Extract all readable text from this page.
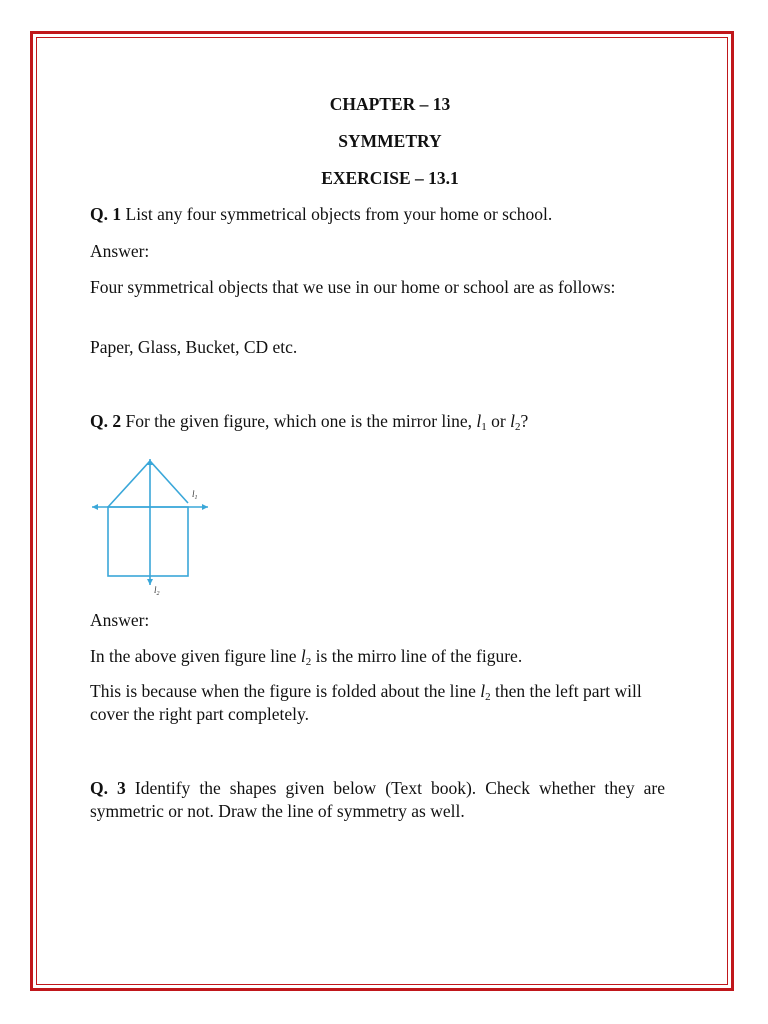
CHAPTER – 13

SYMMETRY

EXERCISE – 13.1

Q. 1 List any four symmetrical objects from your home or school.

Answer:

Four symmetrical objects that we use in our home or school are as follows:

Paper, Glass, Bucket, CD etc.

Q. 2 For the given figure, which one is the mirror line, $l_1$ or $l_2$?

$l_1$
$l_2$

Answer:

In the above given figure line $l_2$ is the mirro line of the figure.

This is because when the figure is folded about the line $l_2$ then the left part will cover the right part completely.

Q. 3 Identify the shapes given below (Text book). Check whether they are symmetric or not. Draw the line of symmetry as well.
